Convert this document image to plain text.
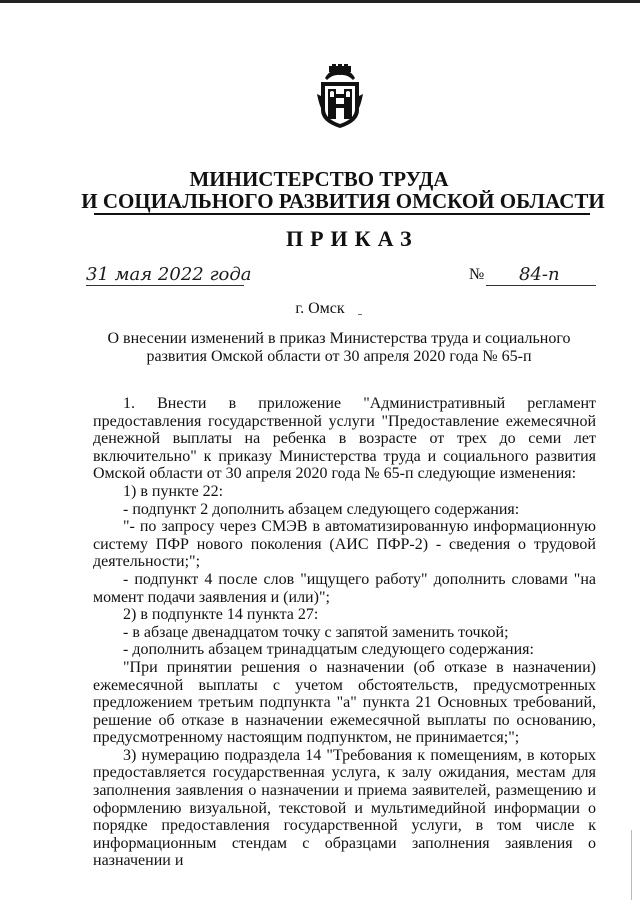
МИНИСТЕРСТВО ТРУДА
И СОЦИАЛЬНОГО РАЗВИТИЯ ОМСКОЙ ОБЛАСТИ
ПРИКАЗ
31 мая 2022 года	№ 84-п
г. Омск
О внесении изменений в приказ Министерства труда и социального развития Омской области от 30 апреля 2020 года № 65-п

1. Внести в приложение "Административный регламент предоставления государственной услуги "Предоставление ежемесячной денежной выплаты на ребенка в возрасте от трех до семи лет включительно" к приказу Министерства труда и социального развития Омской области от 30 апреля 2020 года № 65-п следующие изменения:

1) в пункте 22:

- подпункт 2 дополнить абзацем следующего содержания:

"- по запросу через СМЭВ в автоматизированную информационную систему ПФР нового поколения (АИС ПФР-2) - сведения о трудовой деятельности;";

- подпункт 4 после слов "ищущего работу" дополнить словами "на момент подачи заявления и (или)";

2) в подпункте 14 пункта 27:

- в абзаце двенадцатом точку с запятой заменить точкой;

- дополнить абзацем тринадцатым следующего содержания:

"При принятии решения о назначении (об отказе в назначении) ежемесячной выплаты с учетом обстоятельств, предусмотренных предложением третьим подпункта "а" пункта 21 Основных требований, решение об отказе в назначении ежемесячной выплаты по основанию, предусмотренному настоящим подпунктом, не принимается;";

3) нумерацию подраздела 14 "Требования к помещениям, в которых предоставляется государственная услуга, к залу ожидания, местам для заполнения заявления о назначении и приема заявителей, размещению и оформлению визуальной, текстовой и мультимедийной информации о порядке предоставления государственной услуги, в том числе к информационным стендам с образцами заполнения заявления о назначении и
